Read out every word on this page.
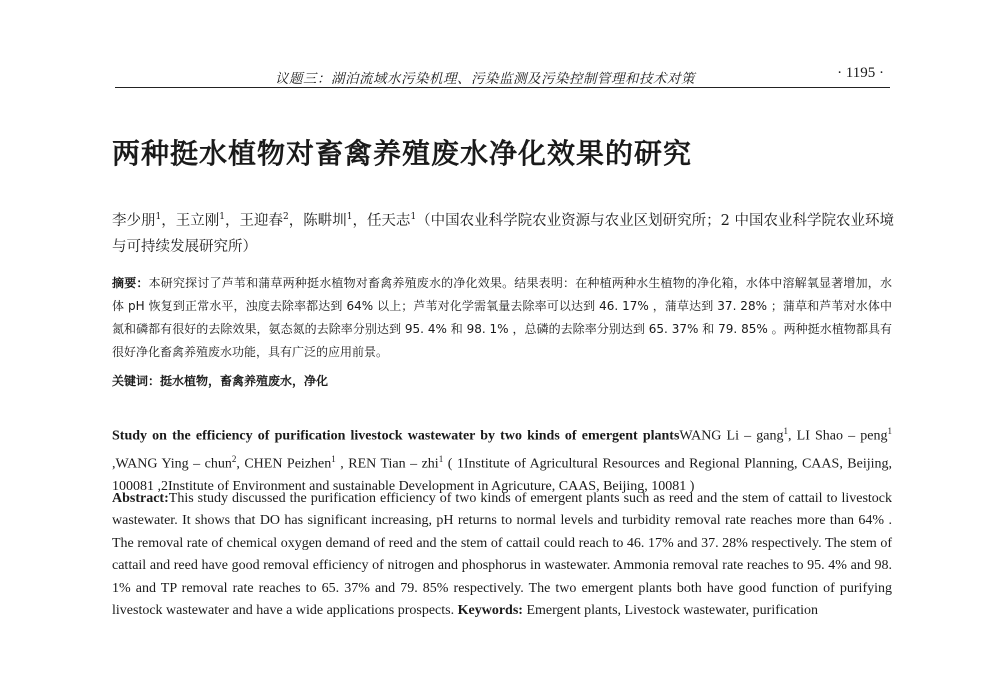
议题三：湖泊流域水污染机理、污染监测及污染控制管理和技术对策	· 1195 ·
两种挺水植物对畜禽养殖废水净化效果的研究
李少朋$^1$，王立刚$^1$，王迎春$^2$，陈畊圳$^1$，任天志$^1$（中国农业科学院农业资源与农业区划研究所；2 中国农业科学院农业环境与可持续发展研究所）
摘要：本研究探讨了芦苇和蒲草两种挺水植物对畜禽养殖废水的净化效果。结果表明：在种植两种水生植物的净化箱，水体中溶解氧显著增加，水体 pH 恢复到正常水平，浊度去除率都达到 64% 以上；芦苇对化学需氧量去除率可以达到 46. 17% ，蒲草达到 37. 28% ；蒲草和芦苇对水体中氮和磷都有很好的去除效果，氨态氮的去除率分别达到 95. 4% 和 98. 1% ，总磷的去除率分别达到 65. 37% 和 79. 85% 。两种挺水植物都具有很好净化畜禽养殖废水功能，具有广泛的应用前景。
关键词：挺水植物，畜禽养殖废水，净化
Study on the efficiency of purification livestock wastewater by two kinds of emergent plantsWANG Li – gang$^1$, LI Shao – peng$^1$ ,WANG Ying – chun$^2$, CHEN Peizhen$^1$ , REN Tian – zhi$^1$ ( 1Institute of Agricultural Resources and Regional Planning, CAAS, Beijing, 100081 ,2Institute of Environment and sustainable Development in Agricuture, CAAS, Beijing, 10081 )
Abstract:This study discussed the purification efficiency of two kinds of emergent plants such as reed and the stem of cattail to livestock wastewater. It shows that DO has significant increasing, pH returns to normal levels and turbidity removal rate reaches more than 64% . The removal rate of chemical oxygen demand of reed and the stem of cattail could reach to 46. 17% and 37. 28% respectively. The stem of cattail and reed have good removal efficiency of nitrogen and phosphorus in wastewater. Ammonia removal rate reaches to 95. 4% and 98. 1% and TP removal rate reaches to 65. 37% and 79. 85% respectively. The two emergent plants both have good function of purifying livestock wastewater and have a wide applications prospects. Keywords: Emergent plants, Livestock wastewater, purification
